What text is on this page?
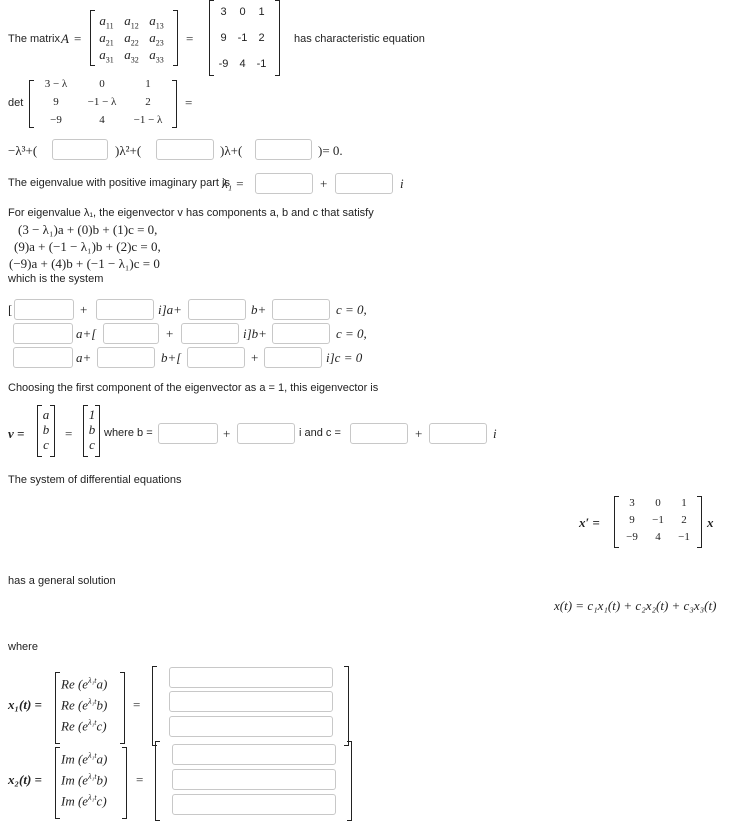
The matrix A =
$a_{11}$ $a_{12}$ $a_{13}$
$a_{21}$ $a_{22}$ $a_{23}$
$a_{31}$ $a_{32}$ $a_{33}$
=
3	0	1
9	-1	2
-9	4	-1
has characteristic equation
det
3 − λ	0	1
9	−1 − λ	2
−9	4	−1 − λ
=
−λ³+(	)λ²+(	)λ+(	)= 0.
The eigenvalue with positive imaginary part is
λ₁ =	+	i
For eigenvalue λ₁, the eigenvector v has components a, b and c that satisfy
(3 − λ₁)a + (0)b + (1)c = 0,
(9)a + (−1 − λ₁)b + (2)c = 0,
(−9)a + (4)b + (−1 − λ₁)c = 0
which is the system
[	+	i]a+	b+	c = 0,
a+[	+	i]b+	c = 0,
a+	b+[	+	i]c = 0
Choosing the first component of the eigenvector as a = 1, this eigenvector is
v =
a
b
c
=
1
b
c
where b =	+	i and c =	+	i
The system of differential equations
x′ =
3	0	1
9	−1	2
−9	4	−1
x
has a general solution
x(t) = c₁x₁(t) + c₂x₂(t) + c₃x₃(t)
where
x₁(t) =
Re $(e^{\lambda_1t}a)$
Re $(e^{\lambda_1t}b)$
Re $(e^{\lambda_1t}c)$
=
x₂(t) =
Im $(e^{\lambda_1t}a)$
Im $(e^{\lambda_1t}b)$
Im $(e^{\lambda_1t}c)$
=
